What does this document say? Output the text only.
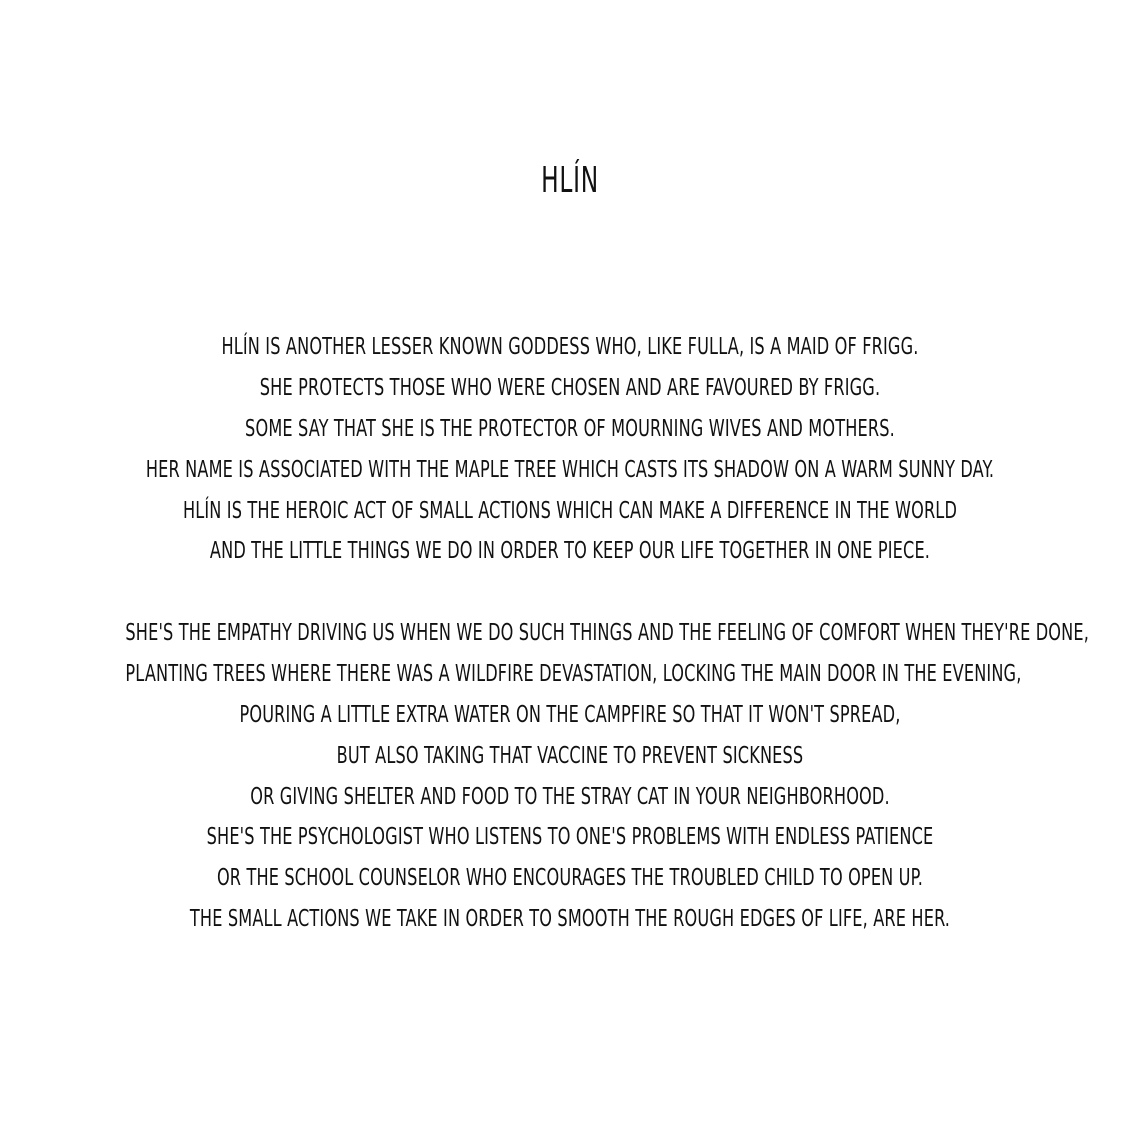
HLÍN
HLÍN IS ANOTHER LESSER KNOWN GODDESS WHO, LIKE FULLA, IS A MAID OF FRIGG.
SHE PROTECTS THOSE WHO WERE CHOSEN AND ARE FAVOURED BY FRIGG.
SOME SAY THAT SHE IS THE PROTECTOR OF MOURNING WIVES AND MOTHERS.
HER NAME IS ASSOCIATED WITH THE MAPLE TREE WHICH CASTS ITS SHADOW ON A WARM SUNNY DAY.
HLÍN IS THE HEROIC ACT OF SMALL ACTIONS WHICH CAN MAKE A DIFFERENCE IN THE WORLD
AND THE LITTLE THINGS WE DO IN ORDER TO KEEP OUR LIFE TOGETHER IN ONE PIECE.
SHE'S THE EMPATHY DRIVING US WHEN WE DO SUCH THINGS AND THE FEELING OF COMFORT WHEN THEY'RE DONE,
PLANTING TREES WHERE THERE WAS A WILDFIRE DEVASTATION, LOCKING THE MAIN DOOR IN THE EVENING,
POURING A LITTLE EXTRA WATER ON THE CAMPFIRE SO THAT IT WON'T SPREAD,
BUT ALSO TAKING THAT VACCINE TO PREVENT SICKNESS
OR GIVING SHELTER AND FOOD TO THE STRAY CAT IN YOUR NEIGHBORHOOD.
SHE'S THE PSYCHOLOGIST WHO LISTENS TO ONE'S PROBLEMS WITH ENDLESS PATIENCE
OR THE SCHOOL COUNSELOR WHO ENCOURAGES THE TROUBLED CHILD TO OPEN UP.
THE SMALL ACTIONS WE TAKE IN ORDER TO SMOOTH THE ROUGH EDGES OF LIFE, ARE HER.
